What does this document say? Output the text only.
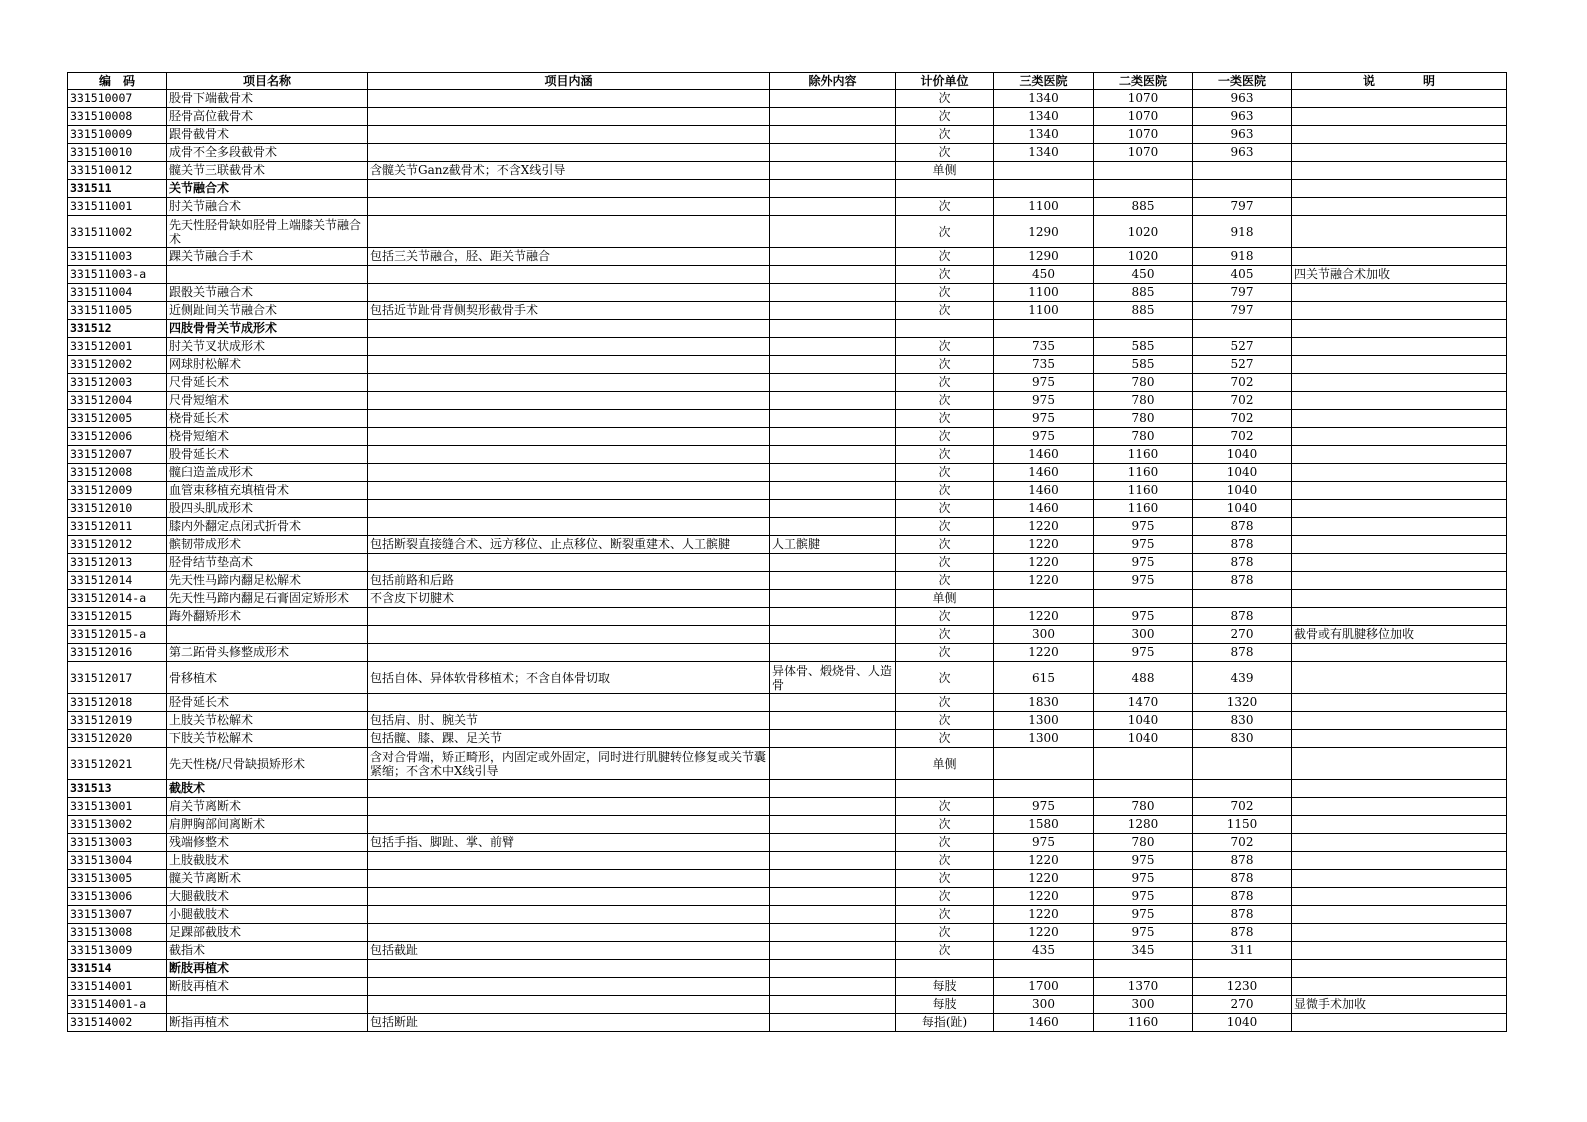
编　码	项目名称	项目内涵	除外内容	计价单位	三类医院	二类医院	一类医院	说　　　　明
331510007	股骨下端截骨术			次	1340	1070	963	
331510008	胫骨高位截骨术			次	1340	1070	963	
331510009	跟骨截骨术			次	1340	1070	963	
331510010	成骨不全多段截骨术			次	1340	1070	963	
331510012	髋关节三联截骨术	含髋关节Ganz截骨术；不含X线引导		单侧				
331511	关节融合术							
331511001	肘关节融合术			次	1100	885	797	

331511002	先天性胫骨缺如胫骨上端膝关节融合术			次	1290	1020	918	

331511003	踝关节融合手术	包括三关节融合，胫、距关节融合		次	1290	1020	918	
331511003-a				次	450	450	405	四关节融合术加收
331511004	跟骰关节融合术			次	1100	885	797	
331511005	近侧趾间关节融合术	包括近节趾骨背侧契形截骨手术		次	1100	885	797	
331512	四肢骨骨关节成形术							
331512001	肘关节叉状成形术			次	735	585	527	
331512002	网球肘松解术			次	735	585	527	
331512003	尺骨延长术			次	975	780	702	
331512004	尺骨短缩术			次	975	780	702	
331512005	桡骨延长术			次	975	780	702	
331512006	桡骨短缩术			次	975	780	702	
331512007	股骨延长术			次	1460	1160	1040	
331512008	髋臼造盖成形术			次	1460	1160	1040	
331512009	血管束移植充填植骨术			次	1460	1160	1040	
331512010	股四头肌成形术			次	1460	1160	1040	
331512011	膝内外翻定点闭式折骨术			次	1220	975	878	
331512012	髌韧带成形术	包括断裂直接缝合术、远方移位、止点移位、断裂重建术、人工髌腱	人工髌腱	次	1220	975	878	
331512013	胫骨结节垫高术			次	1220	975	878	
331512014	先天性马蹄内翻足松解术	包括前路和后路		次	1220	975	878	
331512014-a	先天性马蹄内翻足石膏固定矫形术	不含皮下切腱术		单侧				
331512015	踇外翻矫形术			次	1220	975	878	
331512015-a				次	300	300	270	截骨或有肌腱移位加收
331512016	第二跖骨头修整成形术			次	1220	975	878	

331512017	骨移植术	包括自体、异体软骨移植术；不含自体骨切取	异体骨、煅烧骨、人造骨	次	615	488	439	

331512018	胫骨延长术			次	1830	1470	1320	
331512019	上肢关节松解术	包括肩、肘、腕关节		次	1300	1040	830	
331512020	下肢关节松解术	包括髋、膝、踝、足关节		次	1300	1040	830	

331512021	先天性桡/尺骨缺损矫形术	含对合骨端，矫正畸形，内固定或外固定，同时进行肌腱转位修复或关节囊紧缩；不含术中X线引导		单侧				

331513	截肢术							
331513001	肩关节离断术			次	975	780	702	
331513002	肩胛胸部间离断术			次	1580	1280	1150	
331513003	残端修整术	包括手指、脚趾、掌、前臂		次	975	780	702	
331513004	上肢截肢术			次	1220	975	878	
331513005	髋关节离断术			次	1220	975	878	
331513006	大腿截肢术			次	1220	975	878	
331513007	小腿截肢术			次	1220	975	878	
331513008	足踝部截肢术			次	1220	975	878	
331513009	截指术	包括截趾		次	435	345	311	
331514	断肢再植术							
331514001	断肢再植术			每肢	1700	1370	1230	
331514001-a				每肢	300	300	270	显微手术加收
331514002	断指再植术	包括断趾		每指(趾)	1460	1160	1040	
